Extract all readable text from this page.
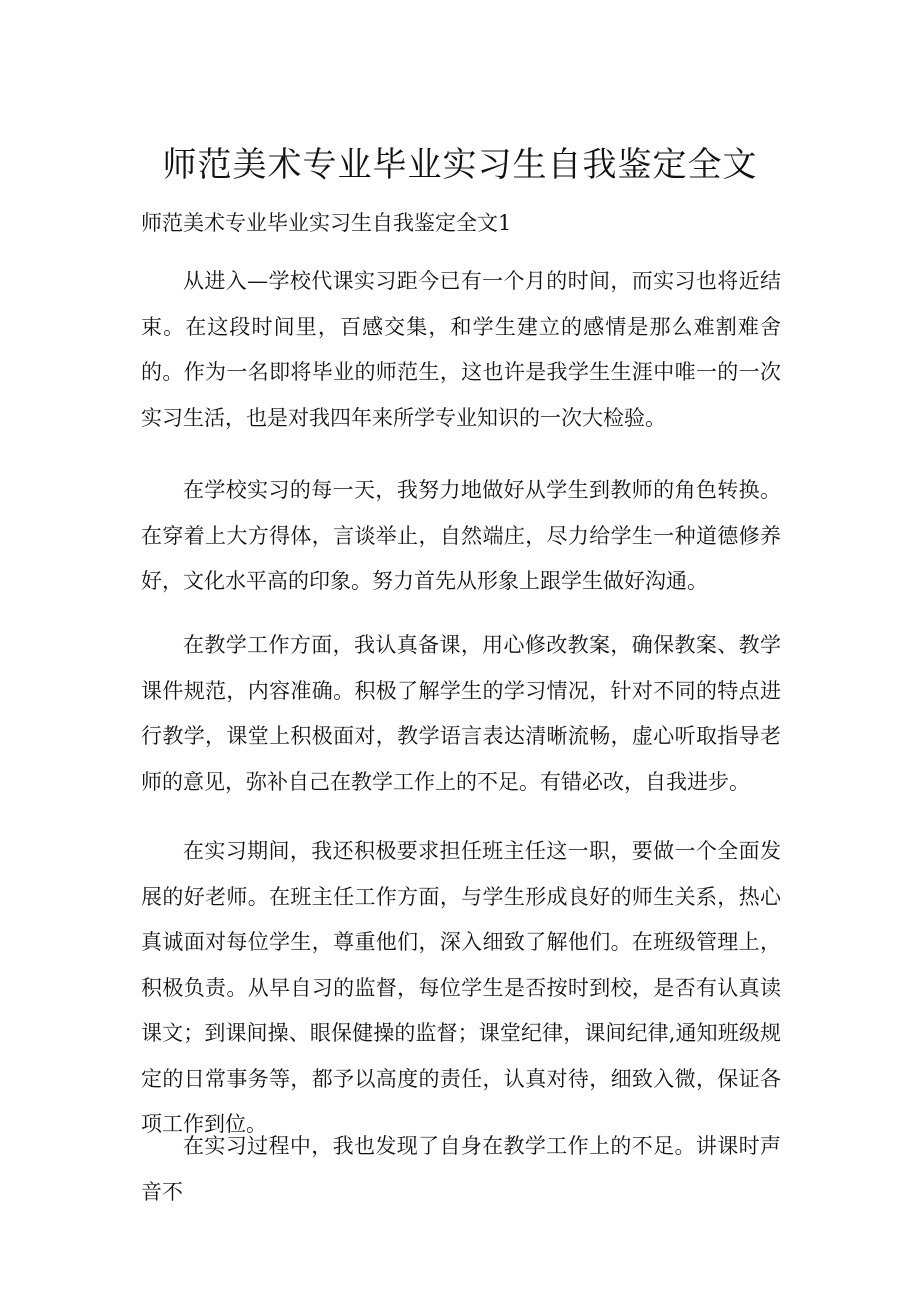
师范美术专业毕业实习生自我鉴定全文
师范美术专业毕业实习生自我鉴定全文1

从进入—学校代课实习距今已有一个月的时间，而实习也将近结束。在这段时间里，百感交集，和学生建立的感情是那么难割难舍的。作为一名即将毕业的师范生，这也许是我学生生涯中唯一的一次实习生活，也是对我四年来所学专业知识的一次大检验。

在学校实习的每一天，我努力地做好从学生到教师的角色转换。在穿着上大方得体，言谈举止，自然端庄，尽力给学生一种道德修养好，文化水平高的印象。努力首先从形象上跟学生做好沟通。

在教学工作方面，我认真备课，用心修改教案，确保教案、教学课件规范，内容准确。积极了解学生的学习情况，针对不同的特点进行教学，课堂上积极面对，教学语言表达清晰流畅，虚心听取指导老师的意见，弥补自己在教学工作上的不足。有错必改，自我进步。

在实习期间，我还积极要求担任班主任这一职，要做一个全面发展的好老师。在班主任工作方面，与学生形成良好的师生关系，热心真诚面对每位学生，尊重他们，深入细致了解他们。在班级管理上，积极负责。从早自习的监督，每位学生是否按时到校，是否有认真读课文；到课间操、眼保健操的监督；课堂纪律，课间纪律,通知班级规定的日常事务等，都予以高度的责任，认真对待，细致入微，保证各项工作到位。

在实习过程中，我也发现了自身在教学工作上的不足。讲课时声音不
